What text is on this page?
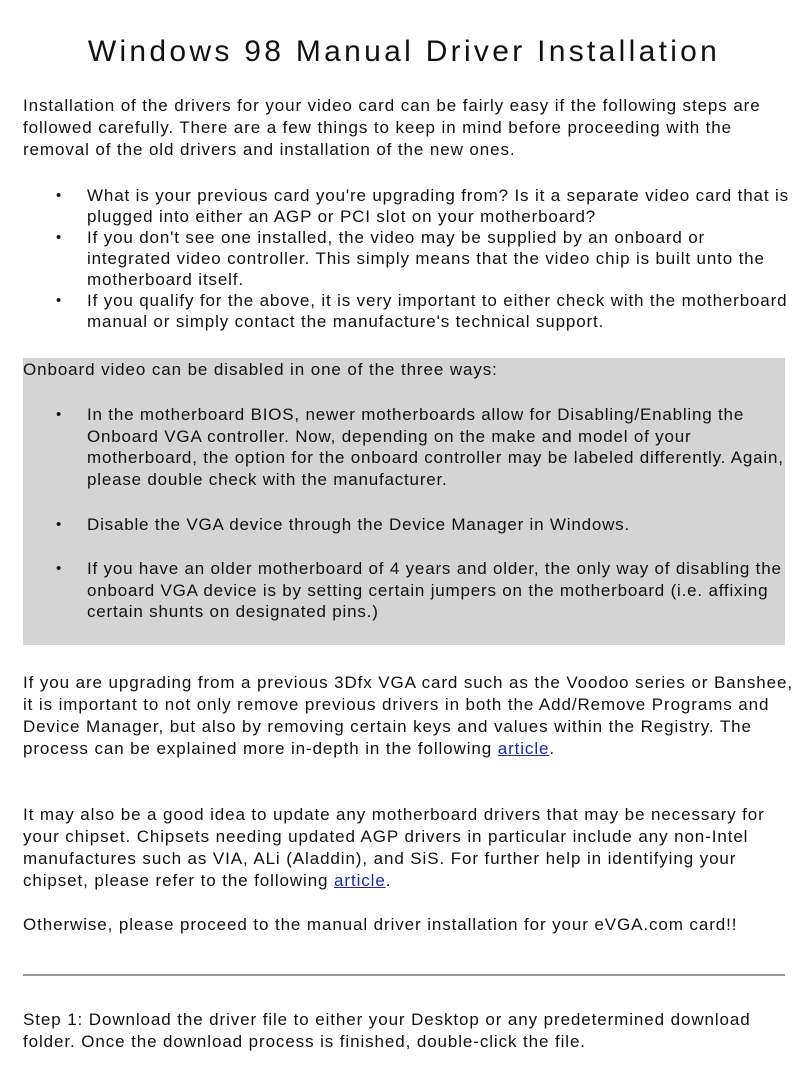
Windows 98 Manual Driver Installation

Installation of the drivers for your video card can be fairly easy if the following steps are followed carefully. There are a few things to keep in mind before proceeding with the removal of the old drivers and installation of the new ones.

• What is your previous card you're upgrading from? Is it a separate video card that is plugged into either an AGP or PCI slot on your motherboard?
• If you don't see one installed, the video may be supplied by an onboard or integrated video controller. This simply means that the video chip is built unto the motherboard itself.
• If you qualify for the above, it is very important to either check with the motherboard manual or simply contact the manufacture's technical support.

Onboard video can be disabled in one of the three ways:

• In the motherboard BIOS, newer motherboards allow for Disabling/Enabling the Onboard VGA controller. Now, depending on the make and model of your motherboard, the option for the onboard controller may be labeled differently. Again, please double check with the manufacturer.
• Disable the VGA device through the Device Manager in Windows.
• If you have an older motherboard of 4 years and older, the only way of disabling the onboard VGA device is by setting certain jumpers on the motherboard (i.e. affixing certain shunts on designated pins.)

If you are upgrading from a previous 3Dfx VGA card such as the Voodoo series or Banshee, it is important to not only remove previous drivers in both the Add/Remove Programs and Device Manager, but also by removing certain keys and values within the Registry. The process can be explained more in-depth in the following article.

It may also be a good idea to update any motherboard drivers that may be necessary for your chipset. Chipsets needing updated AGP drivers in particular include any non-Intel manufactures such as VIA, ALi (Aladdin), and SiS. For further help in identifying your chipset, please refer to the following article.

Otherwise, please proceed to the manual driver installation for your eVGA.com card!!

Step 1: Download the driver file to either your Desktop or any predetermined download folder. Once the download process is finished, double-click the file.
